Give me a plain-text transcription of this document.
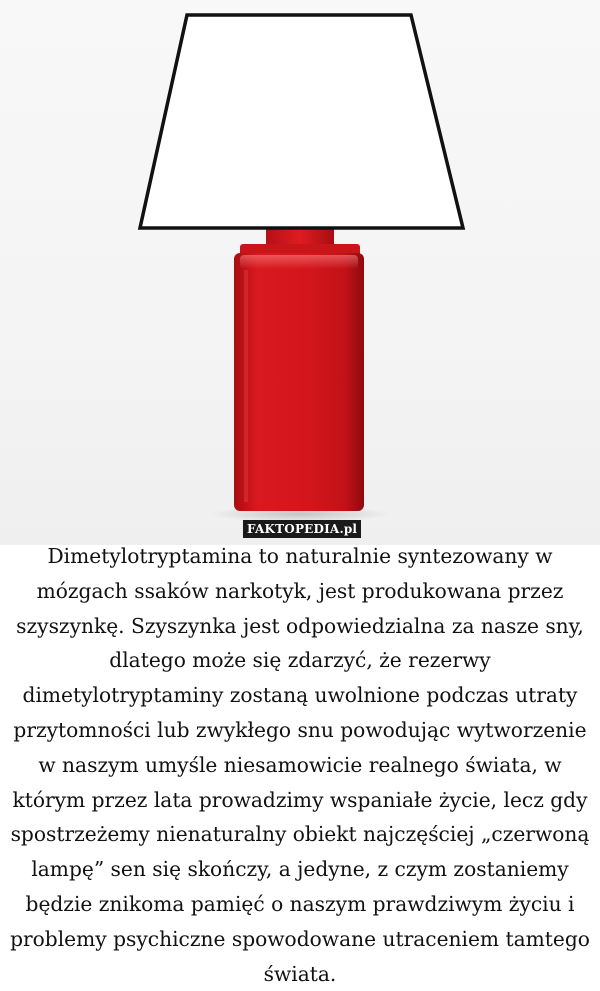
FAKTOPEDIA.pl

Dimetylotryptamina to naturalnie syntezowany w mózgach ssaków narkotyk, jest produkowana przez szyszynkę. Szyszynka jest odpowiedzialna za nasze sny, dlatego może się zdarzyć, że rezerwy dimetylotryptaminy zostaną uwolnione podczas utraty przytomności lub zwykłego snu powodując wytworzenie w naszym umyśle niesamowicie realnego świata, w którym przez lata prowadzimy wspaniałe życie, lecz gdy spostrzeżemy nienaturalny obiekt najczęściej „czerwoną lampę” sen się skończy, a jedyne, z czym zostaniemy będzie znikoma pamięć o naszym prawdziwym życiu i problemy psychiczne spowodowane utraceniem tamtego świata.
